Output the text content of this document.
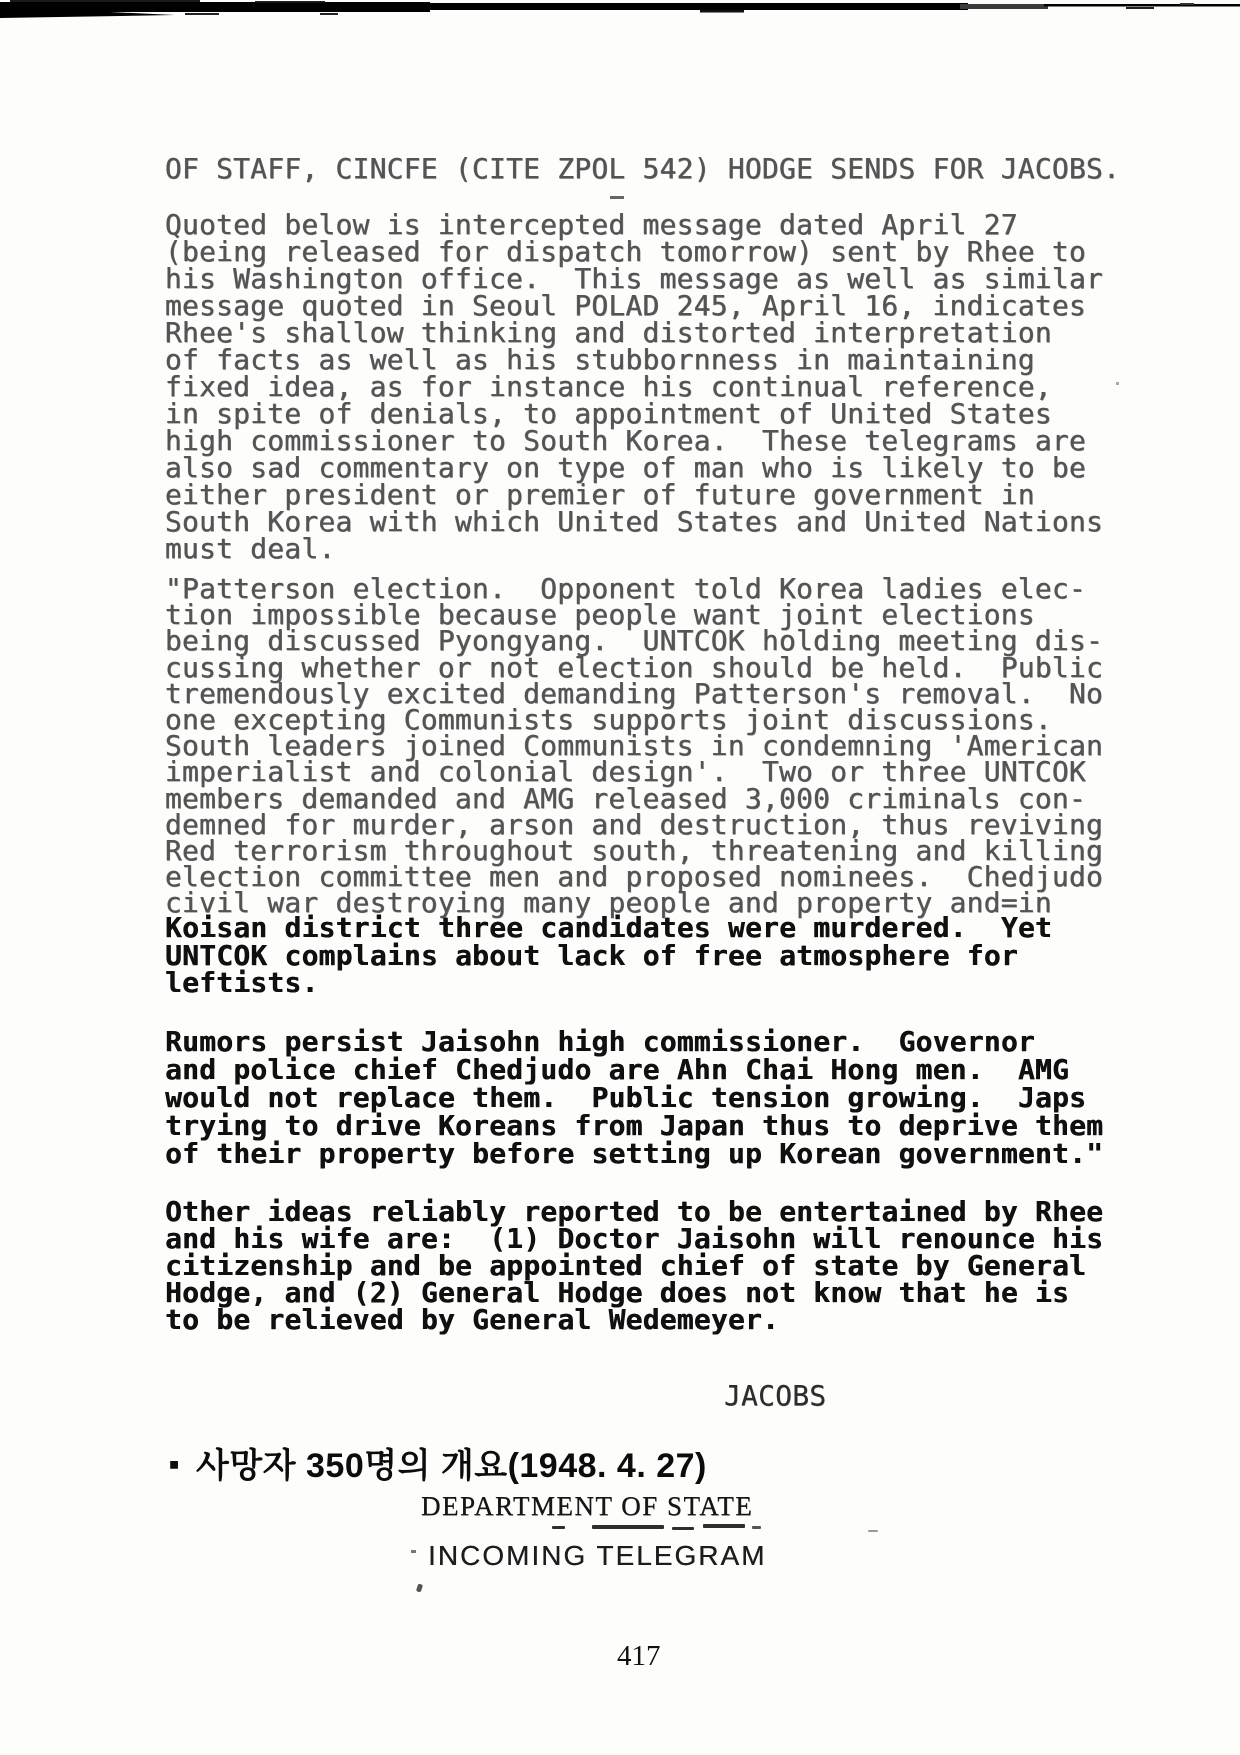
OF STAFF, CINCFE (CITE ZPOL 542) HODGE SENDS FOR JACOBS.
Quoted below is intercepted message dated April 27
(being released for dispatch tomorrow) sent by Rhee to
his Washington office.  This message as well as similar
message quoted in Seoul POLAD 245, April 16, indicates
Rhee's shallow thinking and distorted interpretation
of facts as well as his stubbornness in maintaining
fixed idea, as for instance his continual reference,
in spite of denials, to appointment of United States
high commissioner to South Korea.  These telegrams are
also sad commentary on type of man who is likely to be
either president or premier of future government in
South Korea with which United States and United Nations
must deal.
"Patterson election.  Opponent told Korea ladies elec-
tion impossible because people want joint elections
being discussed Pyongyang.  UNTCOK holding meeting dis-
cussing whether or not election should be held.  Public
tremendously excited demanding Patterson's removal.  No
one excepting Communists supports joint discussions.
South leaders joined Communists in condemning 'American
imperialist and colonial design'.  Two or three UNTCOK
members demanded and AMG released 3,000 criminals con-
demned for murder, arson and destruction, thus reviving
Red terrorism throughout south, threatening and killing
election committee men and proposed nominees.  Chedjudo
civil war destroying many people and property and=in
Koisan district three candidates were murdered.  Yet
UNTCOK complains about lack of free atmosphere for
leftists.
Rumors persist Jaisohn high commissioner.  Governor
and police chief Chedjudo are Ahn Chai Hong men.  AMG
would not replace them.  Public tension growing.  Japs
trying to drive Koreans from Japan thus to deprive them
of their property before setting up Korean government."
Other ideas reliably reported to be entertained by Rhee
and his wife are:  (1) Doctor Jaisohn will renounce his
citizenship and be appointed chief of state by General
Hodge, and (2) General Hodge does not know that he is
to be relieved by General Wedemeyer.
JACOBS
▪ 사망자 350명의 개요(1948. 4. 27)
DEPARTMENT OF STATE
INCOMING TELEGRAM
417
